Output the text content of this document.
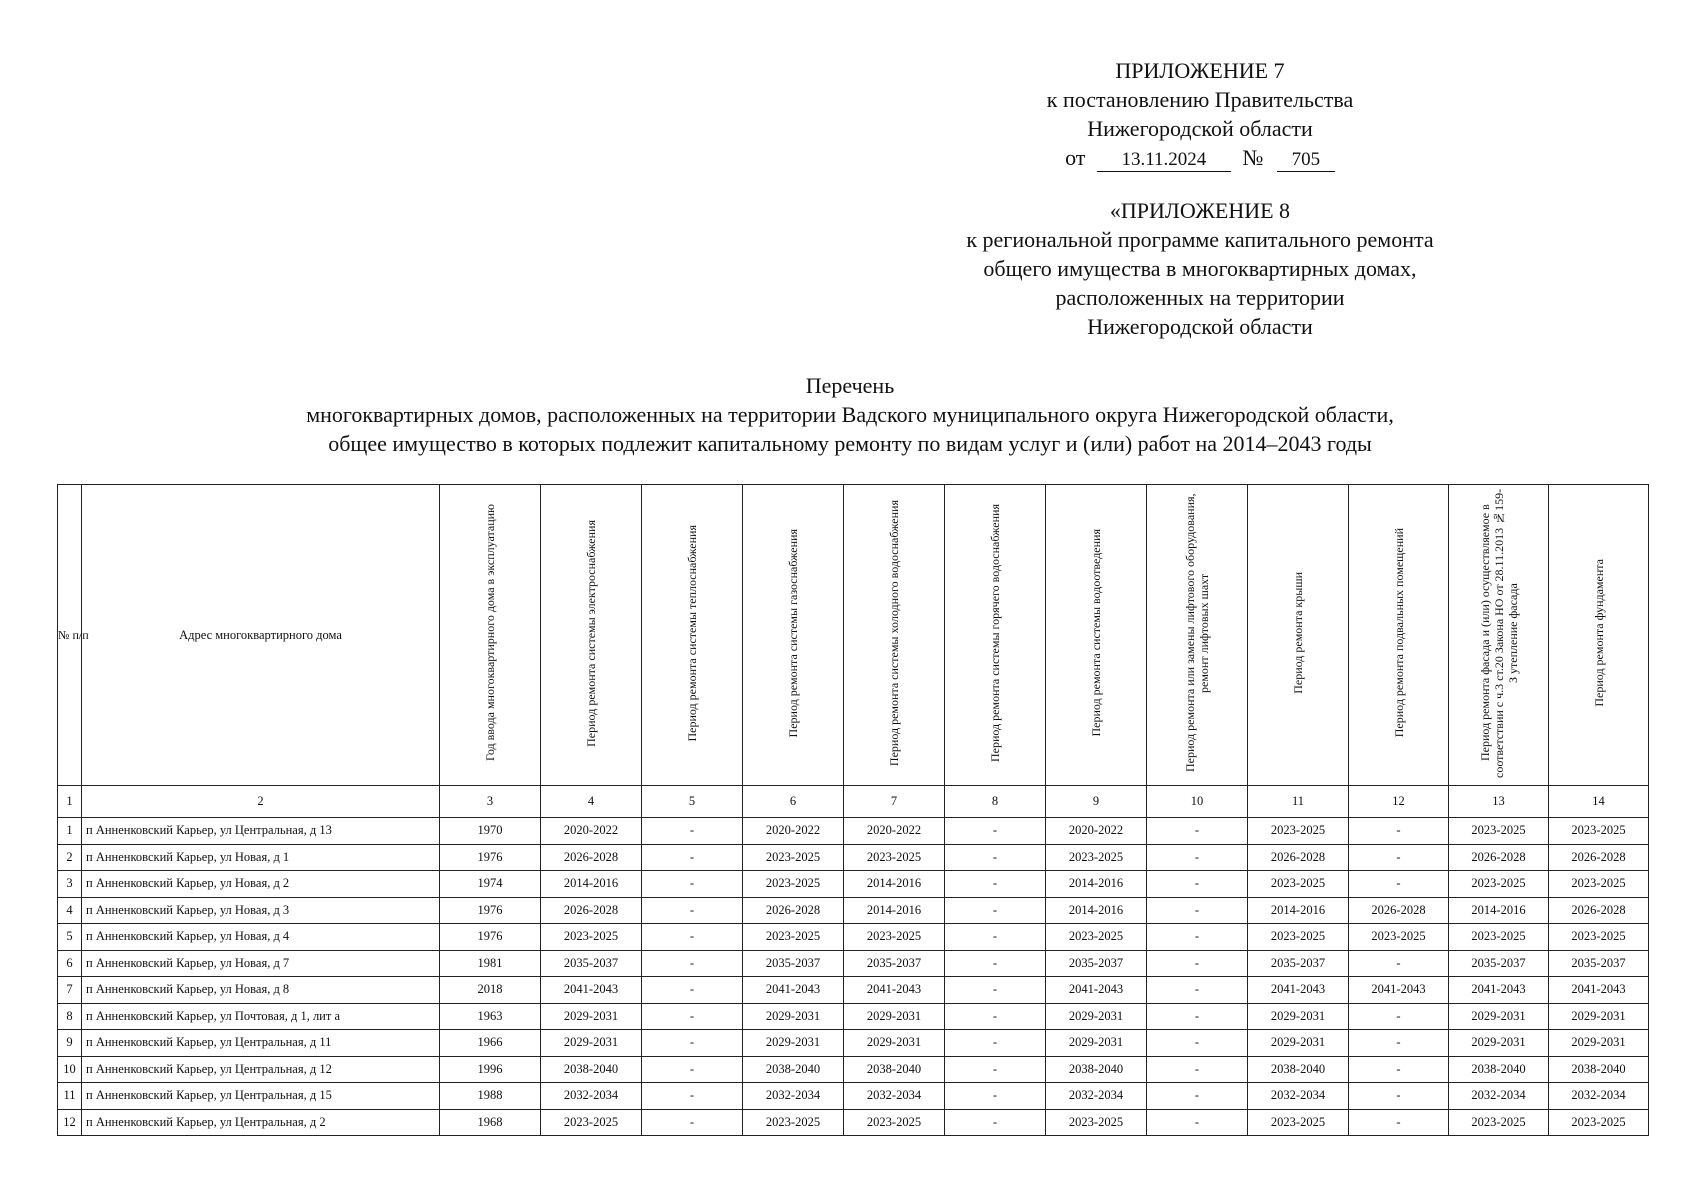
ПРИЛОЖЕНИЕ 7
к постановлению Правительства
Нижегородской области
от 13.11.2024 № 705
«ПРИЛОЖЕНИЕ 8
к региональной программе капитального ремонта
общего имущества в многоквартирных домах,
расположенных на территории
Нижегородской области
Перечень
многоквартирных домов, расположенных на территории Вадского муниципального округа Нижегородской области,
общее имущество в которых подлежит капитальному ремонту по видам услуг и (или) работ на 2014–2043 годы
№ п/п	Адрес многоквартирного дома	Год ввода многоквартирного дома в эксплуатацию	Период ремонта системы электроснабжения	Период ремонта системы теплоснабжения	Период ремонта системы газоснабжения	Период ремонта системы холодного водоснабжения	Период ремонта системы горячего водоснабжения	Период ремонта системы водоотведения	Период ремонта или замены лифтового оборудования, ремонт лифтовых шахт	Период ремонта крыши	Период ремонта подвальных помещений	Период ремонта фасада и (или) осуществляемое в соответствии с ч.3 ст.20 Закона НО от 28.11.2013 №159-З утепление фасада	Период ремонта фундамента
1	2	3	4	5	6	7	8	9	10	11	12	13	14
1	п Анненковский Карьер, ул Центральная, д 13	1970	2020-2022	-	2020-2022	2020-2022	-	2020-2022	-	2023-2025	-	2023-2025	2023-2025
2	п Анненковский Карьер, ул Новая, д 1	1976	2026-2028	-	2023-2025	2023-2025	-	2023-2025	-	2026-2028	-	2026-2028	2026-2028
3	п Анненковский Карьер, ул Новая, д 2	1974	2014-2016	-	2023-2025	2014-2016	-	2014-2016	-	2023-2025	-	2023-2025	2023-2025
4	п Анненковский Карьер, ул Новая, д 3	1976	2026-2028	-	2026-2028	2014-2016	-	2014-2016	-	2014-2016	2026-2028	2014-2016	2026-2028
5	п Анненковский Карьер, ул Новая, д 4	1976	2023-2025	-	2023-2025	2023-2025	-	2023-2025	-	2023-2025	2023-2025	2023-2025	2023-2025
6	п Анненковский Карьер, ул Новая, д 7	1981	2035-2037	-	2035-2037	2035-2037	-	2035-2037	-	2035-2037	-	2035-2037	2035-2037
7	п Анненковский Карьер, ул Новая, д 8	2018	2041-2043	-	2041-2043	2041-2043	-	2041-2043	-	2041-2043	2041-2043	2041-2043	2041-2043
8	п Анненковский Карьер, ул Почтовая, д 1, лит а	1963	2029-2031	-	2029-2031	2029-2031	-	2029-2031	-	2029-2031	-	2029-2031	2029-2031
9	п Анненковский Карьер, ул Центральная, д 11	1966	2029-2031	-	2029-2031	2029-2031	-	2029-2031	-	2029-2031	-	2029-2031	2029-2031
10	п Анненковский Карьер, ул Центральная, д 12	1996	2038-2040	-	2038-2040	2038-2040	-	2038-2040	-	2038-2040	-	2038-2040	2038-2040
11	п Анненковский Карьер, ул Центральная, д 15	1988	2032-2034	-	2032-2034	2032-2034	-	2032-2034	-	2032-2034	-	2032-2034	2032-2034
12	п Анненковский Карьер, ул Центральная, д 2	1968	2023-2025	-	2023-2025	2023-2025	-	2023-2025	-	2023-2025	-	2023-2025	2023-2025
